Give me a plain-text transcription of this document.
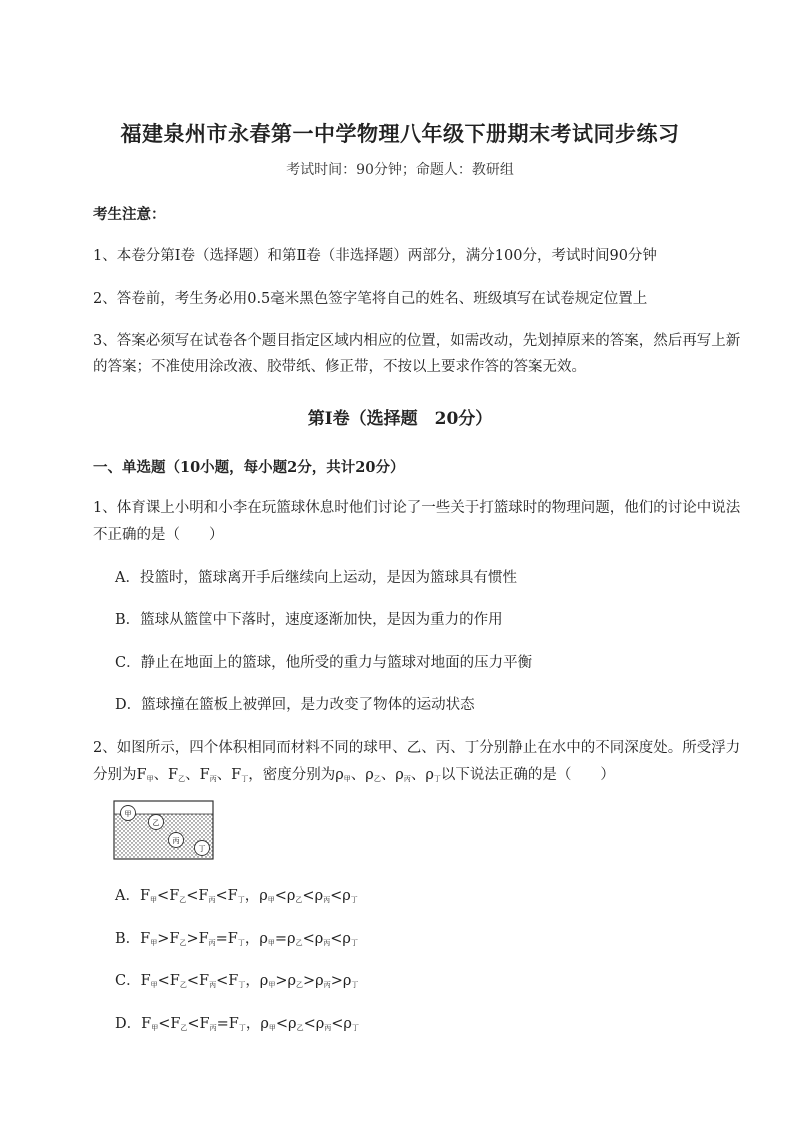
福建泉州市永春第一中学物理八年级下册期末考试同步练习
考试时间：90分钟；命题人：教研组
考生注意：
1、本卷分第I卷（选择题）和第Ⅱ卷（非选择题）两部分，满分100分，考试时间90分钟
2、答卷前，考生务必用0.5毫米黑色签字笔将自己的姓名、班级填写在试卷规定位置上
3、答案必须写在试卷各个题目指定区域内相应的位置，如需改动，先划掉原来的答案，然后再写上新
的答案；不准使用涂改液、胶带纸、修正带，不按以上要求作答的答案无效。
第I卷（选择题　20分）
一、单选题（10小题，每小题2分，共计20分）
1、体育课上小明和小李在玩篮球休息时他们讨论了一些关于打篮球时的物理问题，他们的讨论中说法
不正确的是（　　）
A．投篮时，篮球离开手后继续向上运动，是因为篮球具有惯性
B．篮球从篮筐中下落时，速度逐渐加快，是因为重力的作用
C．静止在地面上的篮球，他所受的重力与篮球对地面的压力平衡
D．篮球撞在篮板上被弹回，是力改变了物体的运动状态
2、如图所示，四个体积相同而材料不同的球甲、乙、丙、丁分别静止在水中的不同深度处。所受浮力
分别为$F_甲$、$F_乙$、$F_丙$、$F_丁$，密度分别为$\rho_甲$、$\rho_乙$、$\rho_丙$、$\rho_丁$以下说法正确的是（　　）
甲
乙
丙
丁
A．$F_甲<F_乙<F_丙<F_丁$，$\rho_甲<\rho_乙<\rho_丙<\rho_丁$
B．$F_甲>F_乙>F_丙=F_丁$，$\rho_甲=\rho_乙<\rho_丙<\rho_丁$
C．$F_甲<F_乙<F_丙<F_丁$，$\rho_甲>\rho_乙>\rho_丙>\rho_丁$
D．$F_甲<F_乙<F_丙=F_丁$，$\rho_甲<\rho_乙<\rho_丙<\rho_丁$
